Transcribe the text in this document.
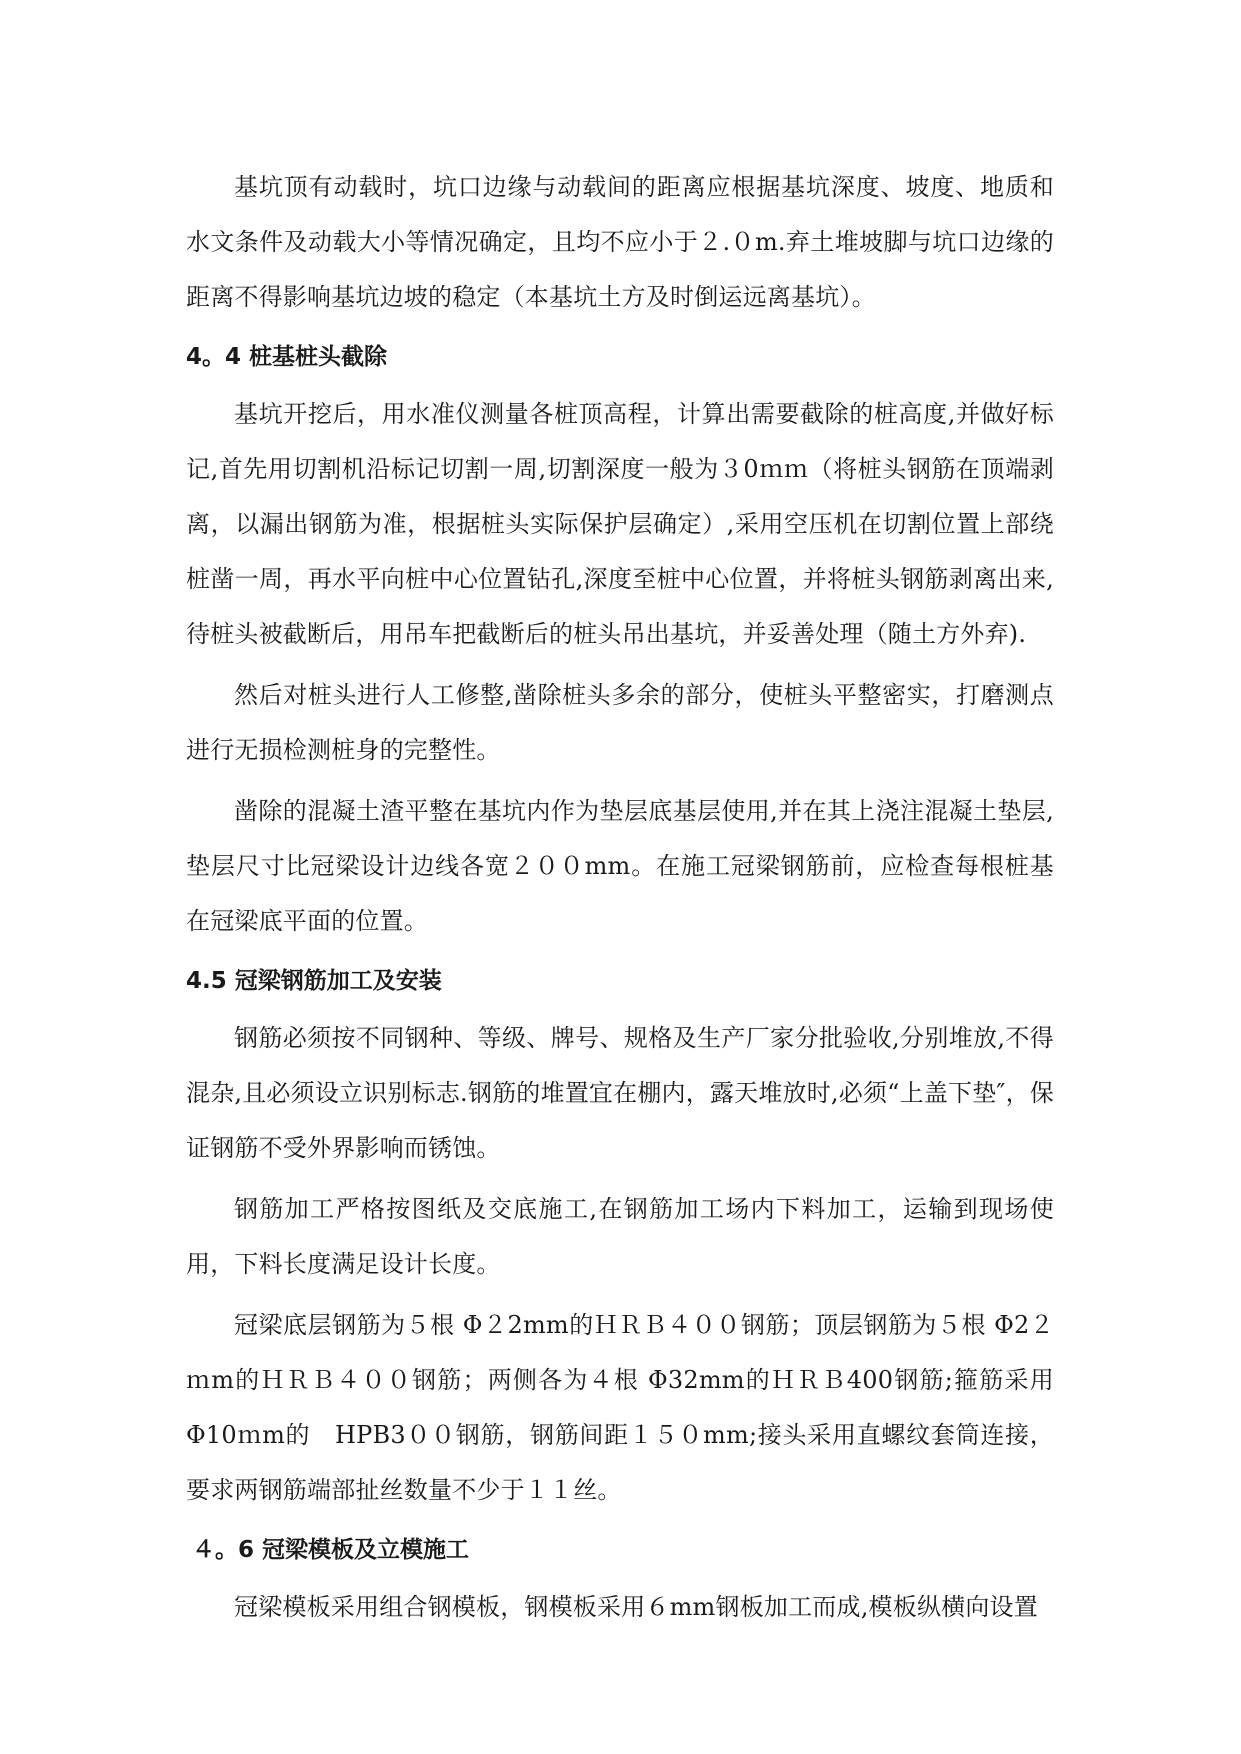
基坑顶有动载时，坑口边缘与动载间的距离应根据基坑深度、坡度、地质和水文条件及动载大小等情况确定，且均不应小于２.０m.弃土堆坡脚与坑口边缘的距离不得影响基坑边坡的稳定（本基坑土方及时倒运远离基坑）。

4。4 桩基桩头截除

基坑开挖后，用水准仪测量各桩顶高程，计算出需要截除的桩高度,并做好标记,首先用切割机沿标记切割一周,切割深度一般为３0ｍｍ（将桩头钢筋在顶端剥离，以漏出钢筋为准，根据桩头实际保护层确定）,采用空压机在切割位置上部绕桩凿一周，再水平向桩中心位置钻孔,深度至桩中心位置，并将桩头钢筋剥离出来,待桩头被截断后，用吊车把截断后的桩头吊出基坑，并妥善处理（随土方外弃).

然后对桩头进行人工修整,凿除桩头多余的部分，使桩头平整密实，打磨测点进行无损检测桩身的完整性。

凿除的混凝土渣平整在基坑内作为垫层底基层使用,并在其上浇注混凝土垫层,垫层尺寸比冠梁设计边线各宽２００mm。在施工冠梁钢筋前，应检查每根桩基在冠梁底平面的位置。

4.5 冠梁钢筋加工及安装

钢筋必须按不同钢种、等级、牌号、规格及生产厂家分批验收,分别堆放,不得混杂,且必须设立识别标志.钢筋的堆置宜在棚内，露天堆放时,必须“上盖下垫″，保证钢筋不受外界影响而锈蚀。

钢筋加工严格按图纸及交底施工,在钢筋加工场内下料加工，运输到现场使用，下料长度满足设计长度。

冠梁底层钢筋为５根 Φ２2mm的ＨＲＢ４００钢筋；顶层钢筋为５根 Φ2２ｍm的ＨＲＢ４００钢筋；两侧各为４根 Φ32mm的ＨＲＢ400钢筋;箍筋采用 Φ10ｍm的　HPB3００钢筋，钢筋间距１５０mm;接头采用直螺纹套筒连接，要求两钢筋端部扯丝数量不少于１１丝。

４。6 冠梁模板及立模施工

冠梁模板采用组合钢模板，钢模板采用６mm钢板加工而成,模板纵横向设置
